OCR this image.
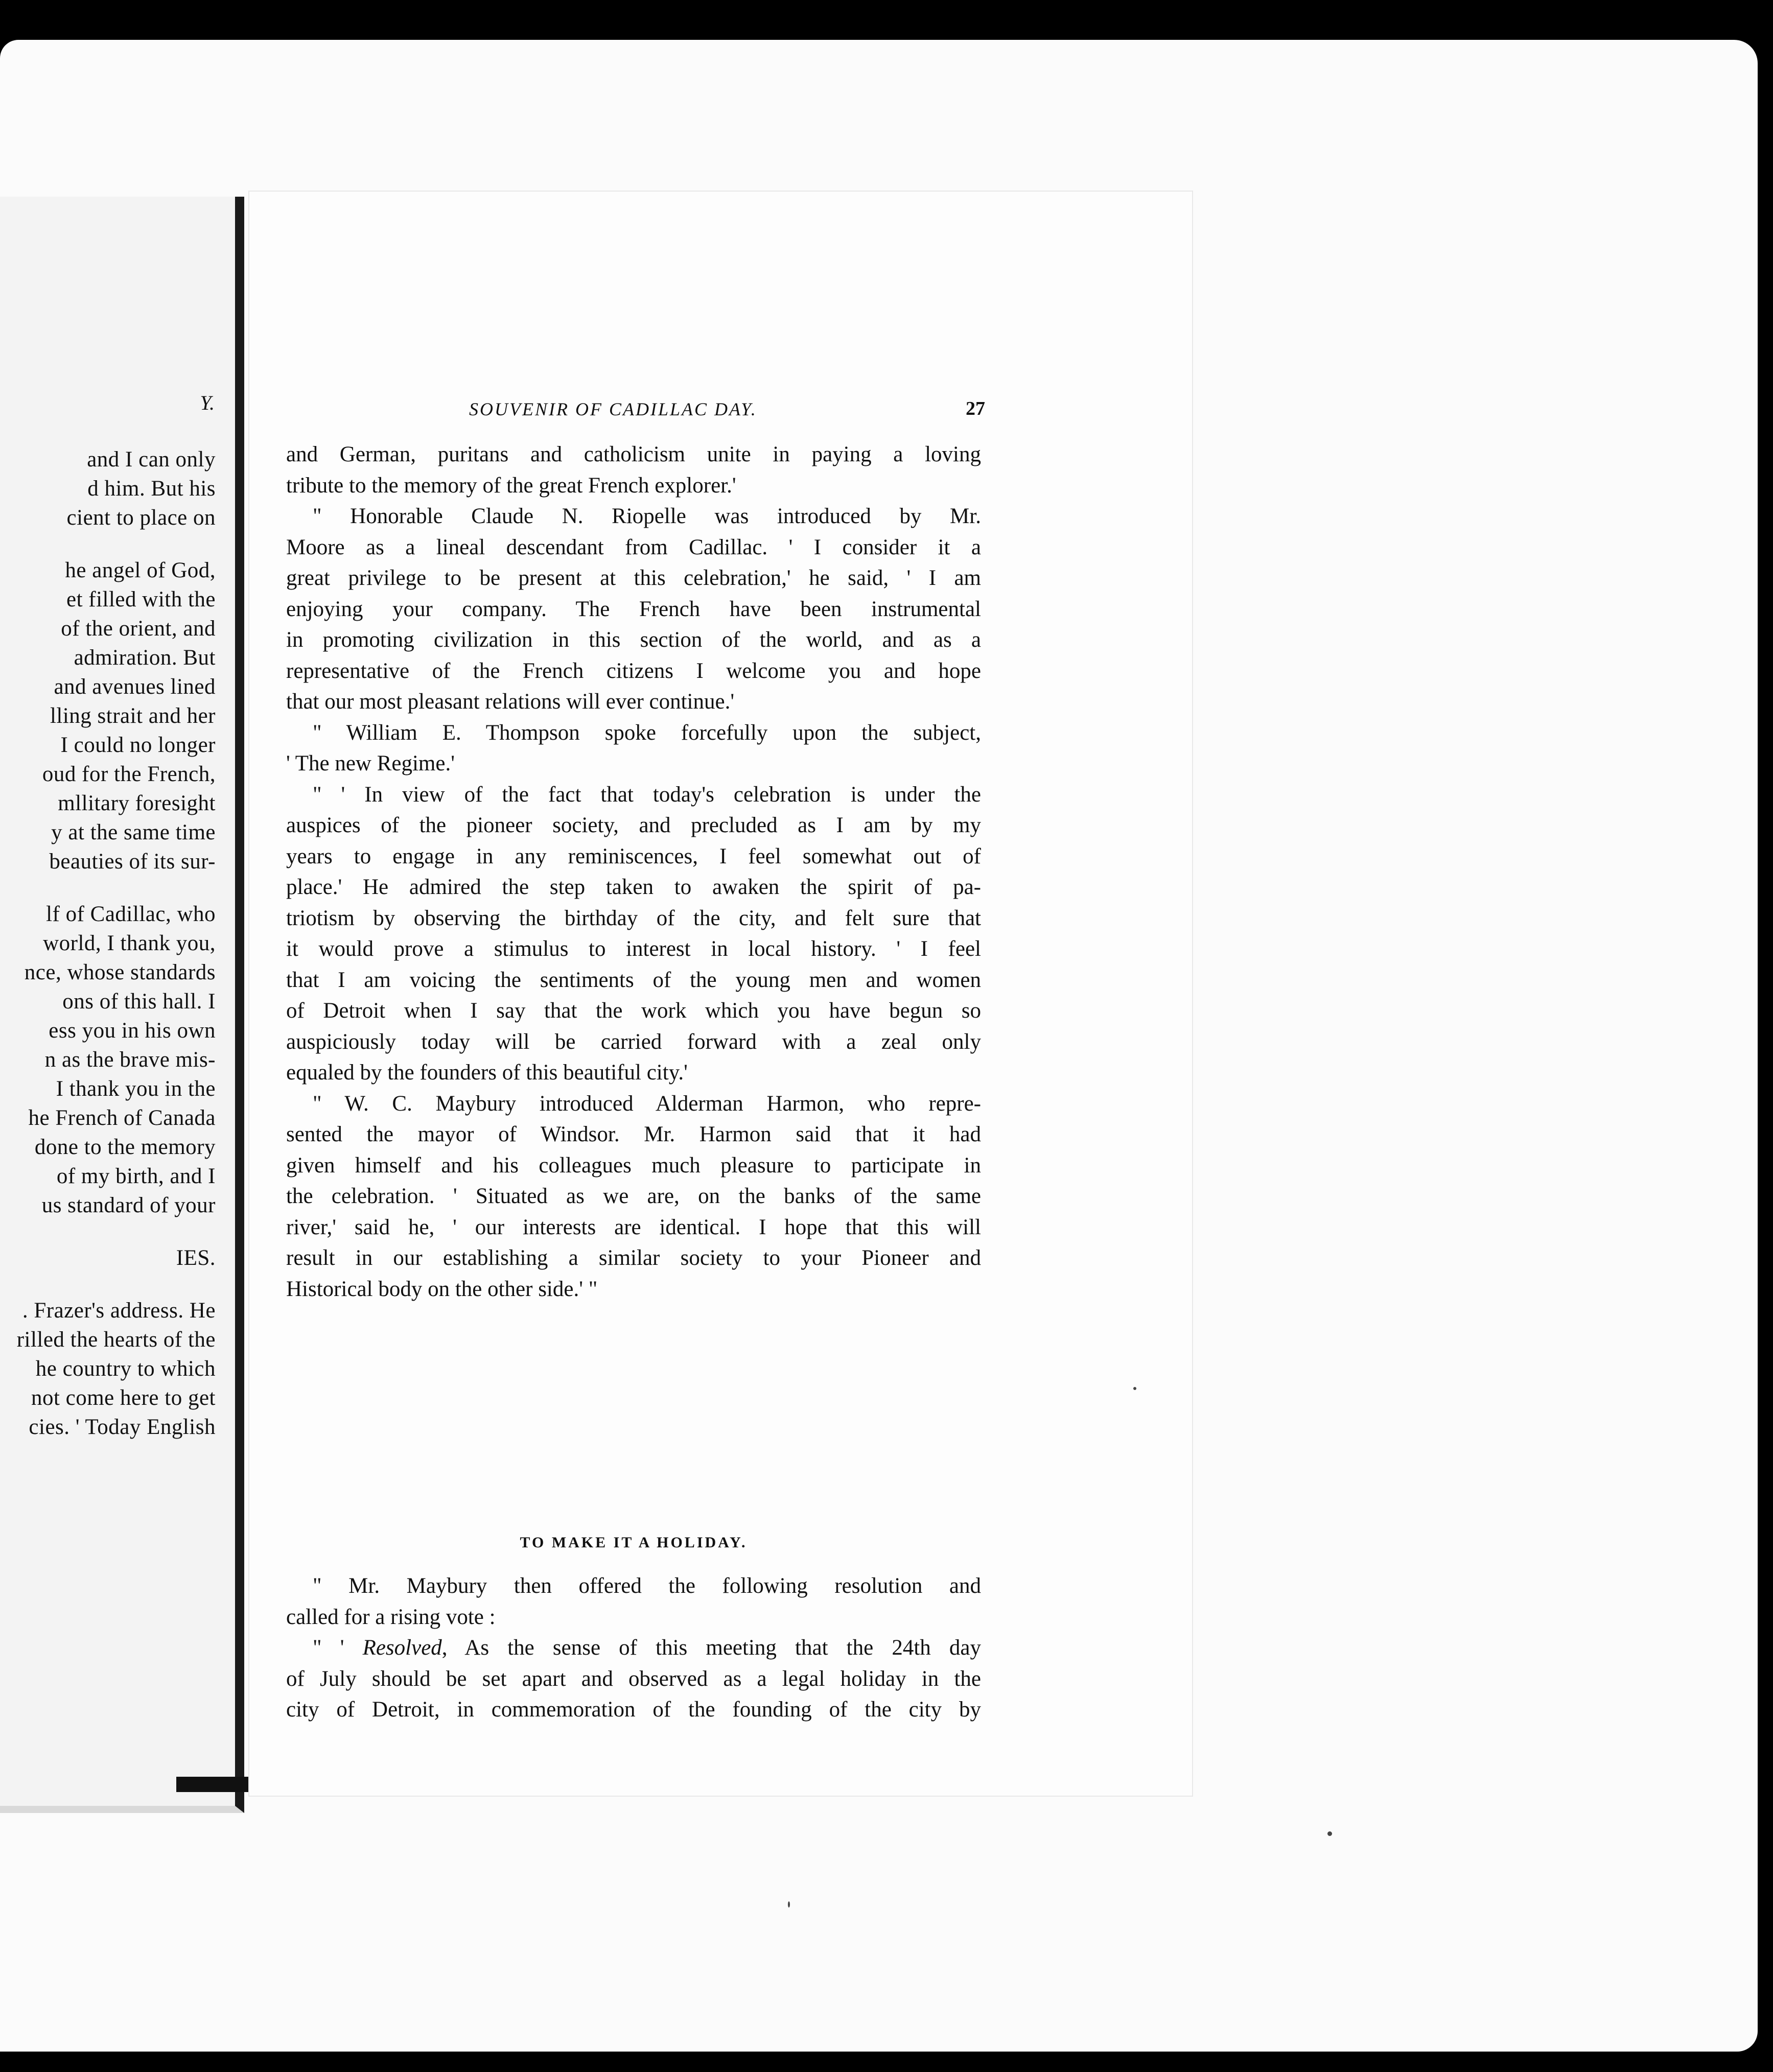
Y.
and I can only
d him. But his
cient to place on
he angel of God,
et filled with the
of the orient, and
admiration. But
and avenues lined
lling strait and her
I could no longer
oud for the French,
mllitary foresight
y at the same time
beauties of its sur-
lf of Cadillac, who
world, I thank you,
nce, whose standards
ons of this hall. I
ess you in his own
n as the brave mis-
I thank you in the
he French of Canada
done to the memory
of my birth, and I
us standard of your
IES.
. Frazer's address. He
rilled the hearts of the
he country to which
not come here to get
cies. ' Today English
SOUVENIR OF CADILLAC DAY.	27
and German, puritans and catholicism unite in paying a loving
tribute to the memory of the great French explorer.'
" Honorable Claude N. Riopelle was introduced by Mr.
Moore as a lineal descendant from Cadillac. ' I consider it a
great privilege to be present at this celebration,' he said, ' I am
enjoying your company. The French have been instrumental
in promoting civilization in this section of the world, and as a
representative of the French citizens I welcome you and hope
that our most pleasant relations will ever continue.'
" William E. Thompson spoke forcefully upon the subject,
' The new Regime.'
" ' In view of the fact that today's celebration is under the
auspices of the pioneer society, and precluded as I am by my
years to engage in any reminiscences, I feel somewhat out of
place.' He admired the step taken to awaken the spirit of pa-
triotism by observing the birthday of the city, and felt sure that
it would prove a stimulus to interest in local history. ' I feel
that I am voicing the sentiments of the young men and women
of Detroit when I say that the work which you have begun so
auspiciously today will be carried forward with a zeal only
equaled by the founders of this beautiful city.'
" W. C. Maybury introduced Alderman Harmon, who repre-
sented the mayor of Windsor. Mr. Harmon said that it had
given himself and his colleagues much pleasure to participate in
the celebration. ' Situated as we are, on the banks of the same
river,' said he, ' our interests are identical. I hope that this will
result in our establishing a similar society to your Pioneer and
Historical body on the other side.' "
" Mr. Maybury then offered the following resolution and
called for a rising vote :
" ' Resolved, As the sense of this meeting that the 24th day
of July should be set apart and observed as a legal holiday in the
city of Detroit, in commemoration of the founding of the city by
TO MAKE IT A HOLIDAY.
